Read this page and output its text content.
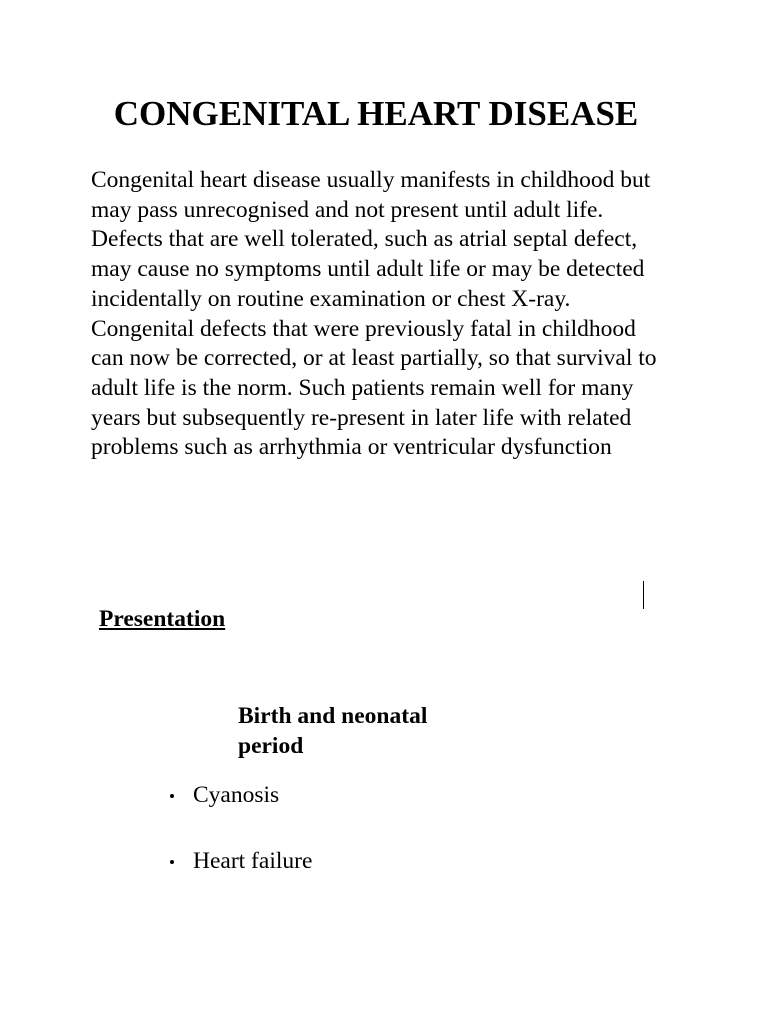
CONGENITAL HEART DISEASE

Congenital heart disease usually manifests in childhood but may pass unrecognised and not present until adult life.

Defects that are well tolerated, such as atrial septal defect, may cause no symptoms until adult life or may be detected incidentally on routine examination or chest X-ray.

Congenital defects that were previously fatal in childhood can now be corrected, or at least partially, so that survival to adult life is the norm. Such patients remain well for many years but subsequently re-present in later life with related problems such as arrhythmia or ventricular dysfunction

Presentation
Birth and neonatal period
Cyanosis
Heart failure
